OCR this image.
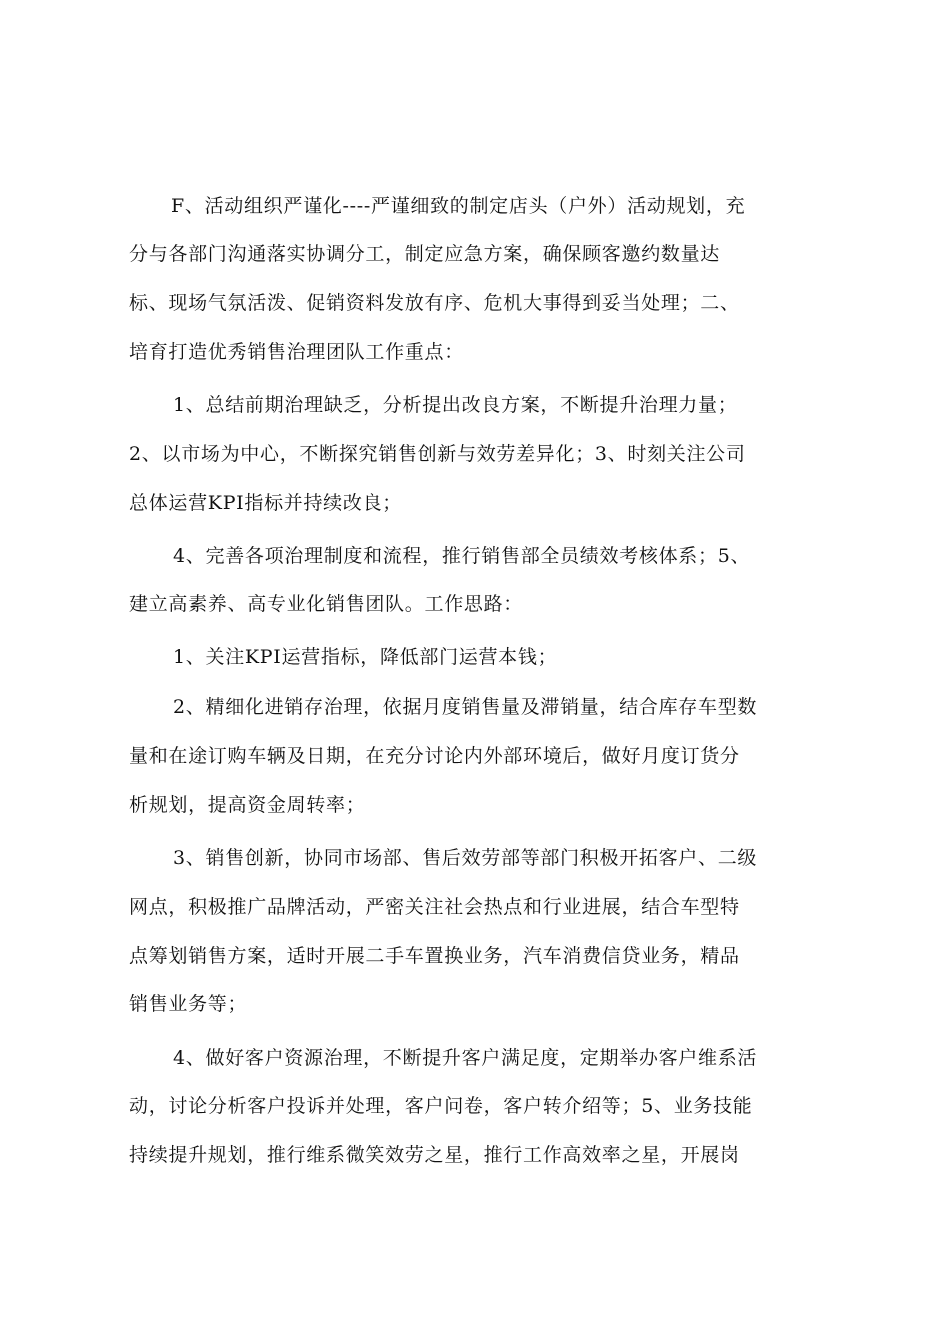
F、活动组织严谨化----严谨细致的制定店头（户外）活动规划，充
分与各部门沟通落实协调分工，制定应急方案，确保顾客邀约数量达
标、现场气氛活泼、促销资料发放有序、危机大事得到妥当处理；二、
培育打造优秀销售治理团队工作重点：
1、总结前期治理缺乏，分析提出改良方案，不断提升治理力量；
2、以市场为中心，不断探究销售创新与效劳差异化；3、时刻关注公司
总体运营KPI指标并持续改良；
4、完善各项治理制度和流程，推行销售部全员绩效考核体系；5、
建立高素养、高专业化销售团队。工作思路：
1、关注KPI运营指标，降低部门运营本钱；
2、精细化进销存治理，依据月度销售量及滞销量，结合库存车型数
量和在途订购车辆及日期，在充分讨论内外部环境后，做好月度订货分
析规划，提高资金周转率；
3、销售创新，协同市场部、售后效劳部等部门积极开拓客户、二级
网点，积极推广品牌活动，严密关注社会热点和行业进展，结合车型特
点筹划销售方案，适时开展二手车置换业务，汽车消费信贷业务，精品
销售业务等；
4、做好客户资源治理，不断提升客户满足度，定期举办客户维系活
动，讨论分析客户投诉并处理，客户问卷，客户转介绍等；5、业务技能
持续提升规划，推行维系微笑效劳之星，推行工作高效率之星，开展岗
